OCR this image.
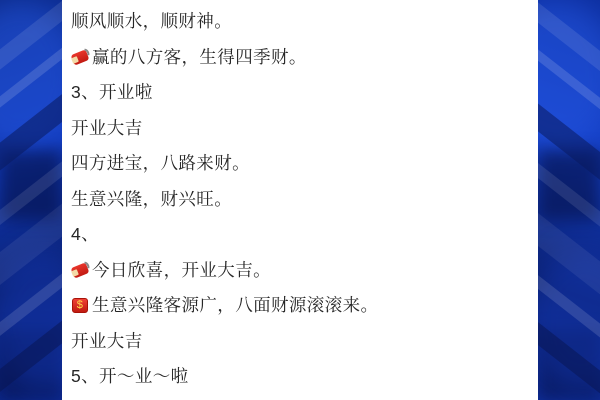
顺风顺水，顺财神。
赢的八方客，生得四季财。
3、开业啦
开业大吉
四方进宝，八路来财。
生意兴隆，财兴旺。
4、
今日欣喜，开业大吉。
$ 生意兴隆客源广，八面财源滚滚来。
开业大吉
5、开～业～啦
